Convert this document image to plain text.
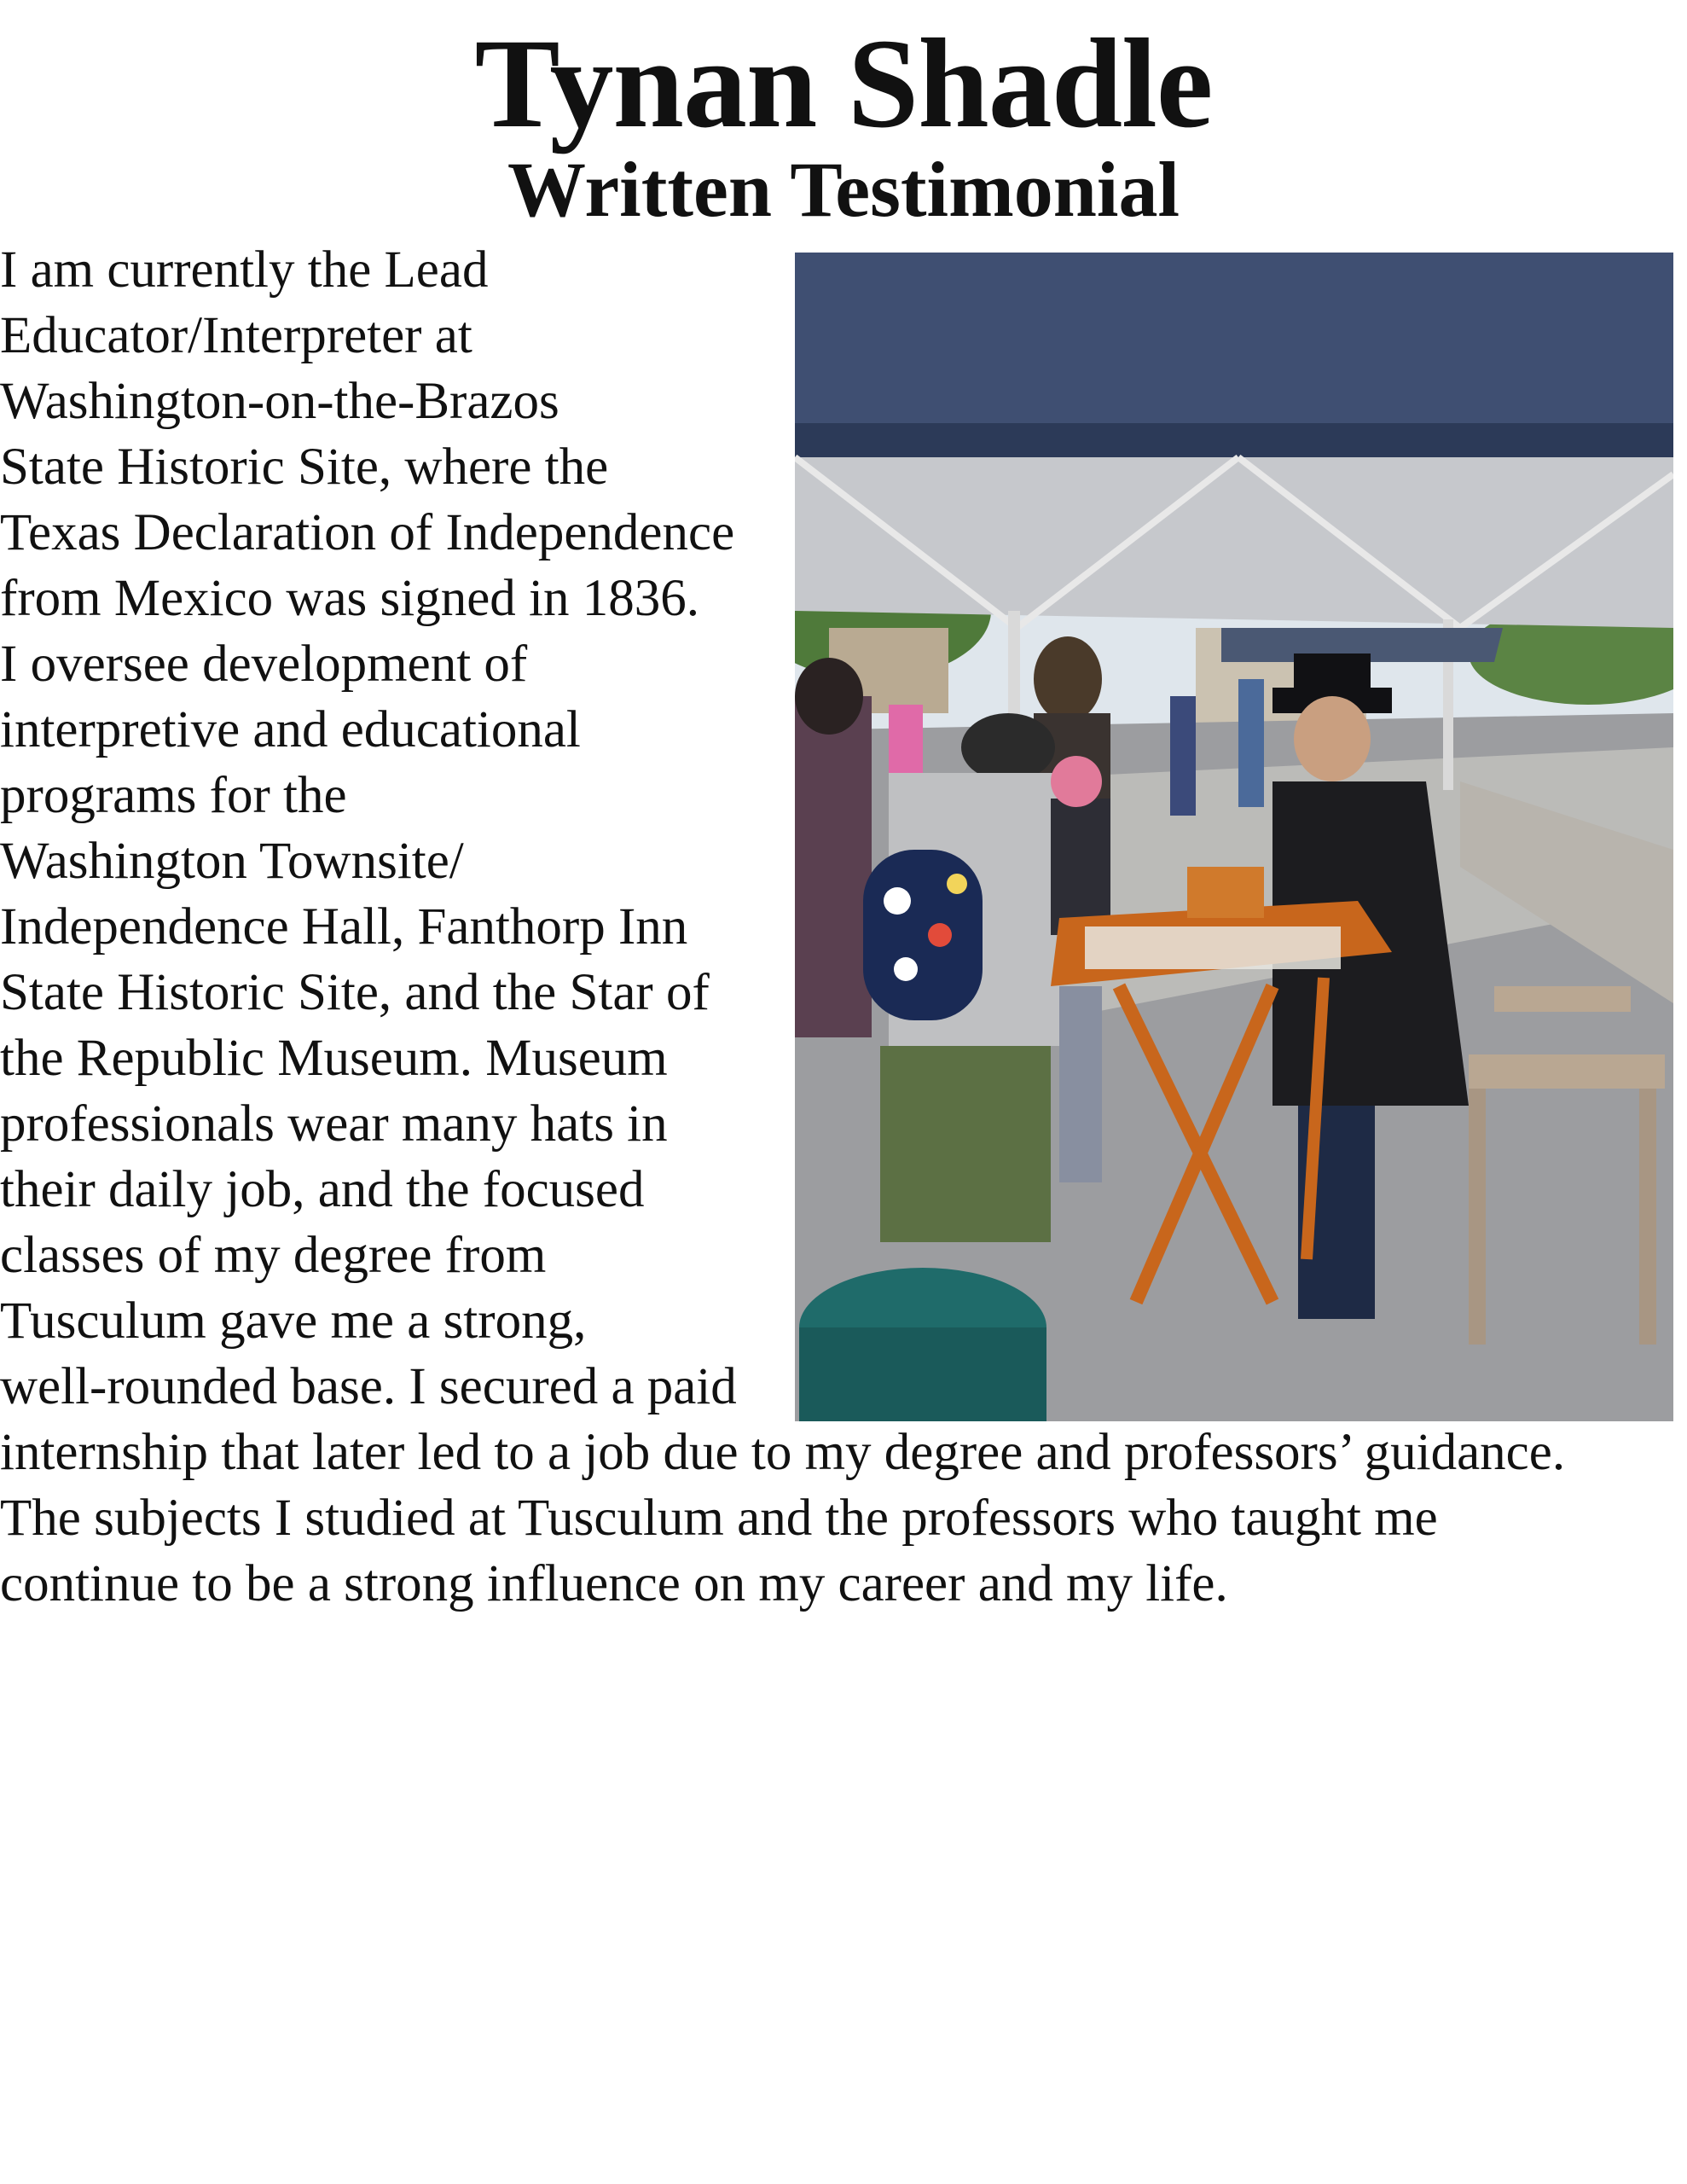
Tynan Shadle
Written Testimonial
I am currently the Lead
Educator/Interpreter at
Washington-on-the-Brazos
State Historic Site, where the
Texas Declaration of Independence
from Mexico was signed in 1836.
I oversee development of
interpretive and educational
programs for the
Washington Townsite/
Independence Hall, Fanthorp Inn
State Historic Site, and the Star of
the Republic Museum. Museum
professionals wear many hats in
their daily job, and the focused
classes of my degree from
Tusculum gave me a strong,
well-rounded base. I secured a paid
internship that later led to a job due to my degree and professors’ guidance.
The subjects I studied at Tusculum and the professors who taught me
continue to be a strong influence on my career and my life.
